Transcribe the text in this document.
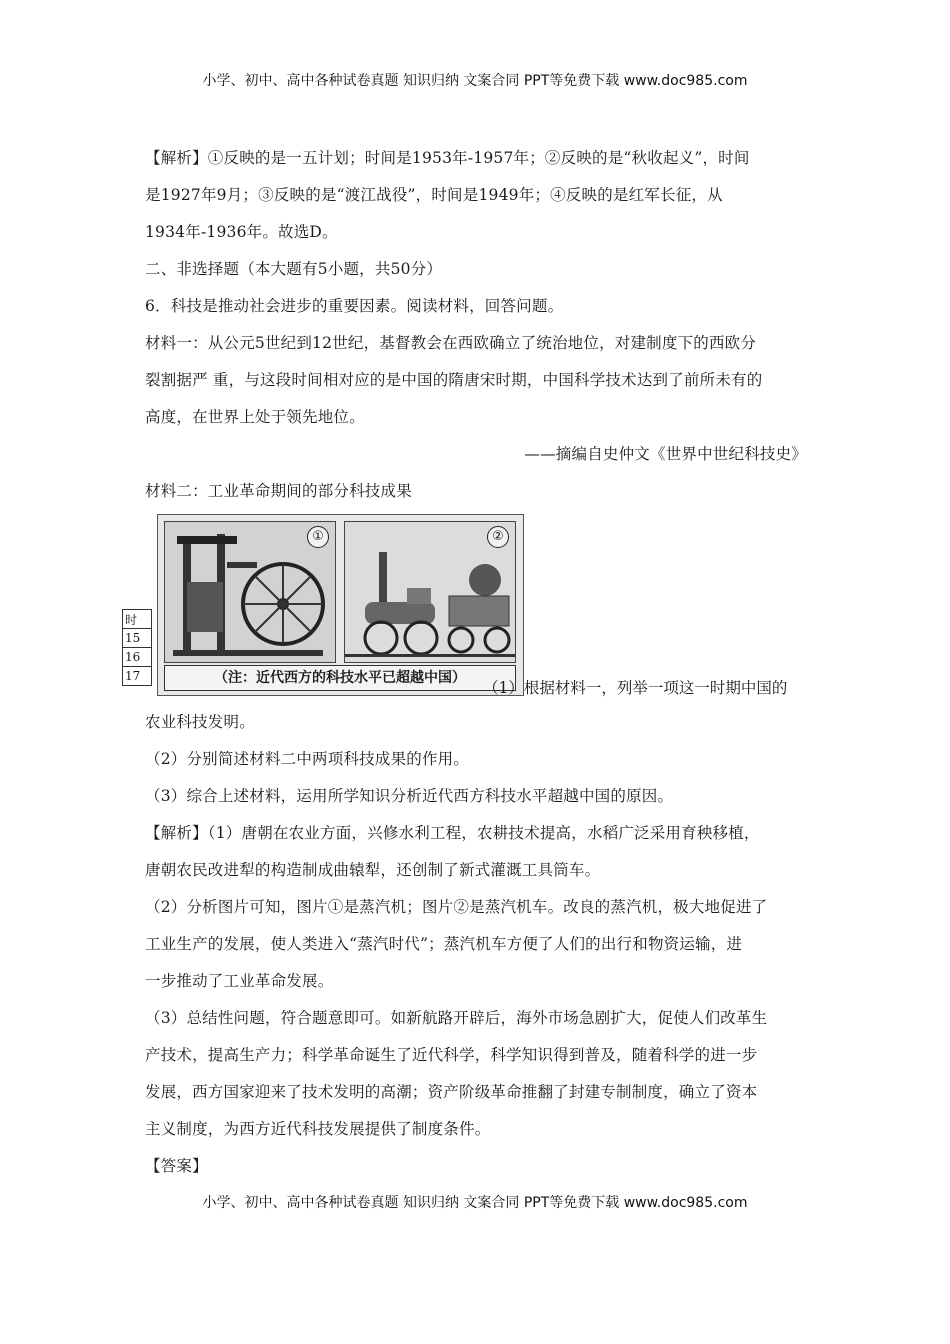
小学、初中、高中各种试卷真题 知识归纳 文案合同 PPT等免费下载 www.doc985.com

【解析】①反映的是一五计划；时间是1953年-1957年；②反映的是“秋收起义”，时间

是1927年9月；③反映的是“渡江战役”，时间是1949年；④反映的是红军长征，从

1934年-1936年。故选D。

二、非选择题（本大题有5小题，共50分）

6．科技是推动社会进步的重要因素。阅读材料，回答问题。

材料一：从公元5世纪到12世纪，基督教会在西欧确立了统治地位，对建制度下的西欧分

裂割据严 重，与这段时间相对应的是中国的隋唐宋时期，中国科学技术达到了前所未有的

高度，在世界上处于领先地位。

——摘编自史仲文《世界中世纪科技史》

材料二：工业革命期间的部分科技成果

时
15
16
17
①	②
（注：近代西方的科技水平已超越中国）
（1）根据材料一，列举一项这一时期中国的

农业科技发明。

（2）分别简述材料二中两项科技成果的作用。

（3）综合上述材料，运用所学知识分析近代西方科技水平超越中国的原因。

【解析】（1）唐朝在农业方面，兴修水利工程，农耕技术提高，水稻广泛采用育秧移植，

唐朝农民改进犁的构造制成曲辕犁，还创制了新式灌溉工具筒车。

（2）分析图片可知，图片①是蒸汽机；图片②是蒸汽机车。改良的蒸汽机，极大地促进了

工业生产的发展，使人类进入“蒸汽时代”；蒸汽机车方便了人们的出行和物资运输，进

一步推动了工业革命发展。

（3）总结性问题，符合题意即可。如新航路开辟后，海外市场急剧扩大，促使人们改革生

产技术，提高生产力；科学革命诞生了近代科学，科学知识得到普及，随着科学的进一步

发展，西方国家迎来了技术发明的高潮；资产阶级革命推翻了封建专制制度，确立了资本

主义制度，为西方近代科技发展提供了制度条件。

【答案】

小学、初中、高中各种试卷真题 知识归纳 文案合同 PPT等免费下载 www.doc985.com
